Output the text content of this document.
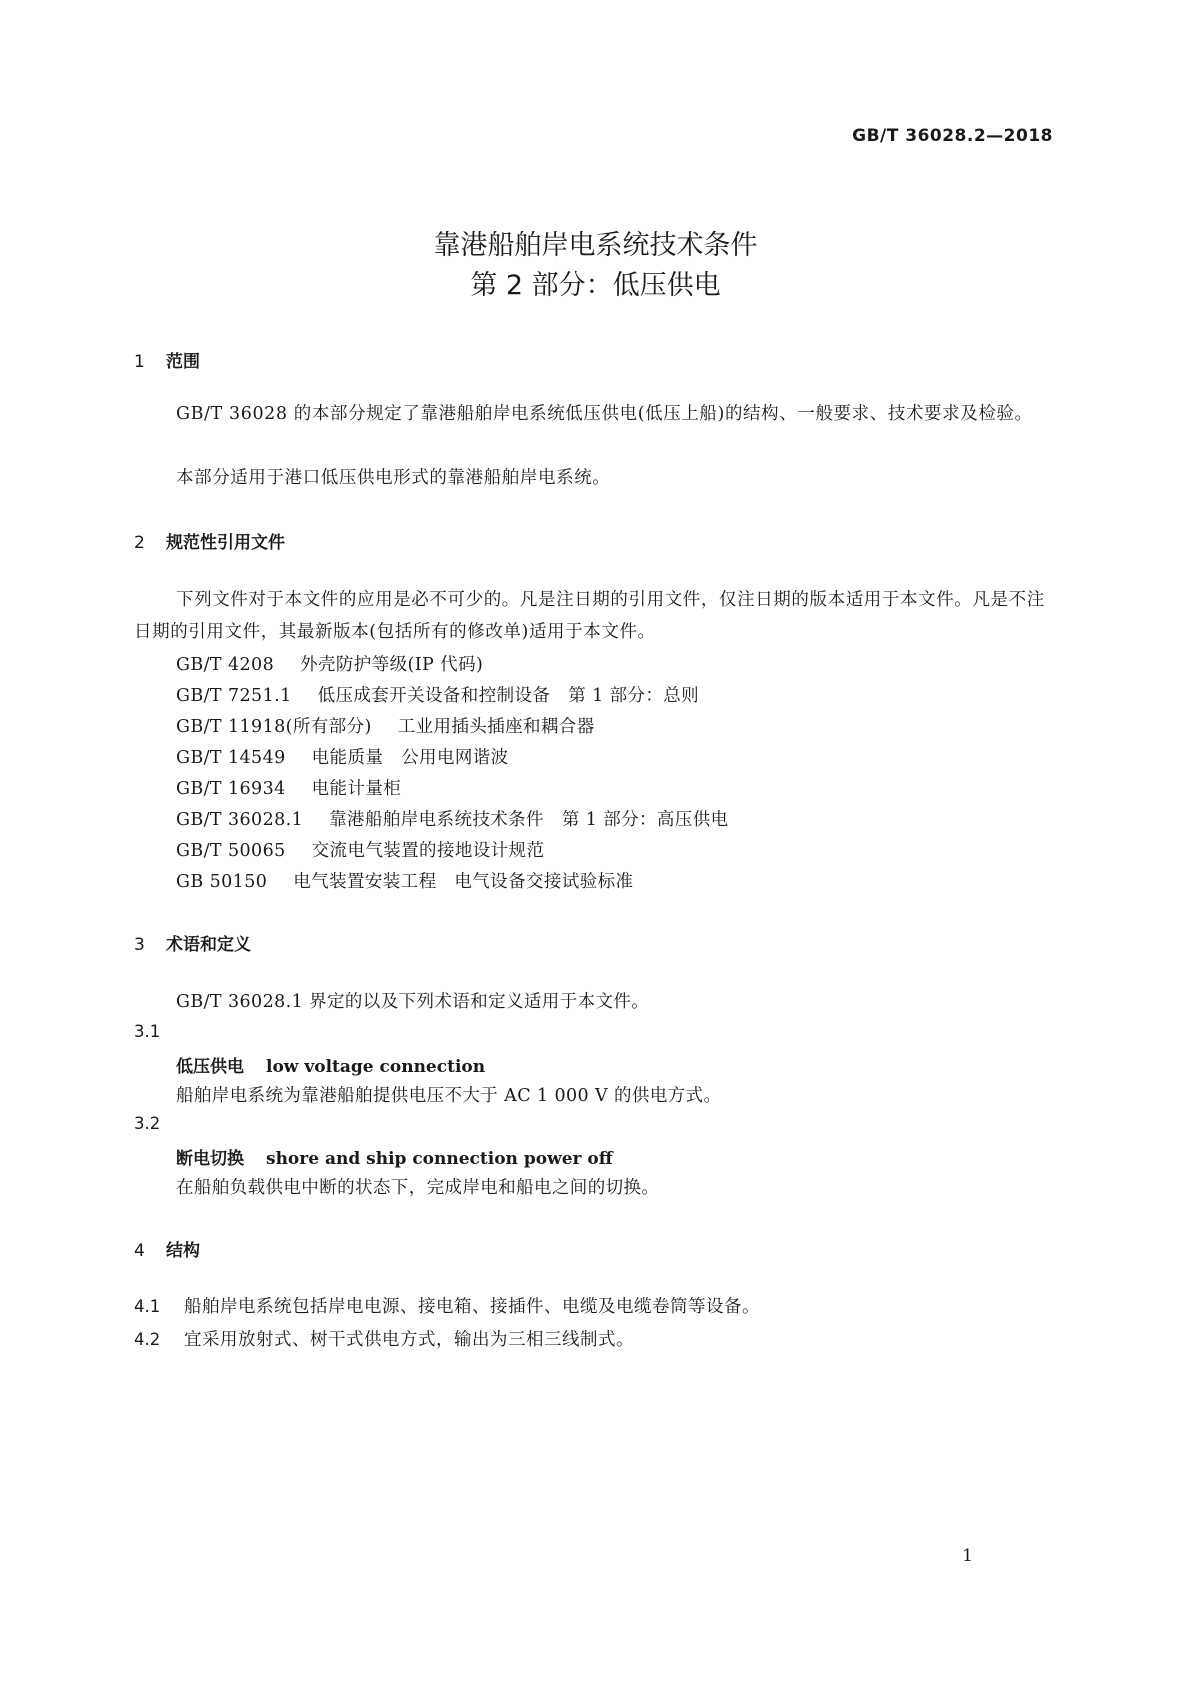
GB/T 36028.2—2018
靠港船舶岸电系统技术条件
第 2 部分：低压供电
1 范围
GB/T 36028 的本部分规定了靠港船舶岸电系统低压供电(低压上船)的结构、一般要求、技术要求及检验。
本部分适用于港口低压供电形式的靠港船舶岸电系统。
2 规范性引用文件
下列文件对于本文件的应用是必不可少的。凡是注日期的引用文件，仅注日期的版本适用于本文件。凡是不注日期的引用文件，其最新版本(包括所有的修改单)适用于本文件。
GB/T 4208 外壳防护等级(IP 代码)
GB/T 7251.1 低压成套开关设备和控制设备　第 1 部分：总则
GB/T 11918(所有部分) 工业用插头插座和耦合器
GB/T 14549 电能质量　公用电网谐波
GB/T 16934 电能计量柜
GB/T 36028.1 靠港船舶岸电系统技术条件　第 1 部分：高压供电
GB/T 50065 交流电气装置的接地设计规范
GB 50150 电气装置安装工程　电气设备交接试验标准
3 术语和定义
GB/T 36028.1 界定的以及下列术语和定义适用于本文件。
3.1
低压供电 low voltage connection
船舶岸电系统为靠港船舶提供电压不大于 AC 1 000 V 的供电方式。
3.2
断电切换 shore and ship connection power off
在船舶负载供电中断的状态下，完成岸电和船电之间的切换。
4 结构
4.1 船舶岸电系统包括岸电电源、接电箱、接插件、电缆及电缆卷筒等设备。
4.2 宜采用放射式、树干式供电方式，输出为三相三线制式。
1
